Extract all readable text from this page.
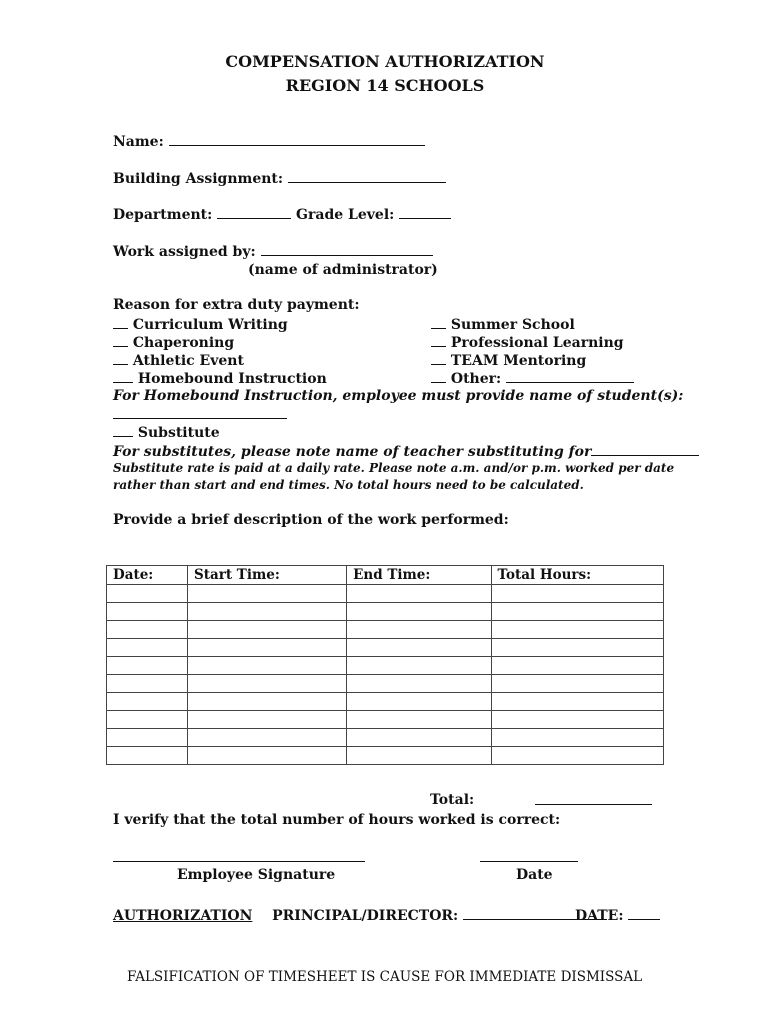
COMPENSATION AUTHORIZATION
REGION 14 SCHOOLS
Name:
Building Assignment:
Department:	Grade Level:
Work assigned by:
(name of administrator)
Reason for extra duty payment:
Curriculum Writing
Chaperoning
Athletic Event
Homebound Instruction
Summer School
Professional Learning
TEAM Mentoring
Other:
For Homebound Instruction, employee must provide name of student(s):
Substitute
For substitutes, please note name of teacher substituting for
Substitute rate is paid at a daily rate. Please note a.m. and/or p.m. worked per date
rather than start and end times. No total hours need to be calculated.
Provide a brief description of the work performed:
Date:	Start Time:	End Time:	Total Hours:

Total:
I verify that the total number of hours worked is correct:
Employee Signature	Date
AUTHORIZATION PRINCIPAL/DIRECTOR:	DATE:
FALSIFICATION OF TIMESHEET IS CAUSE FOR IMMEDIATE DISMISSAL
